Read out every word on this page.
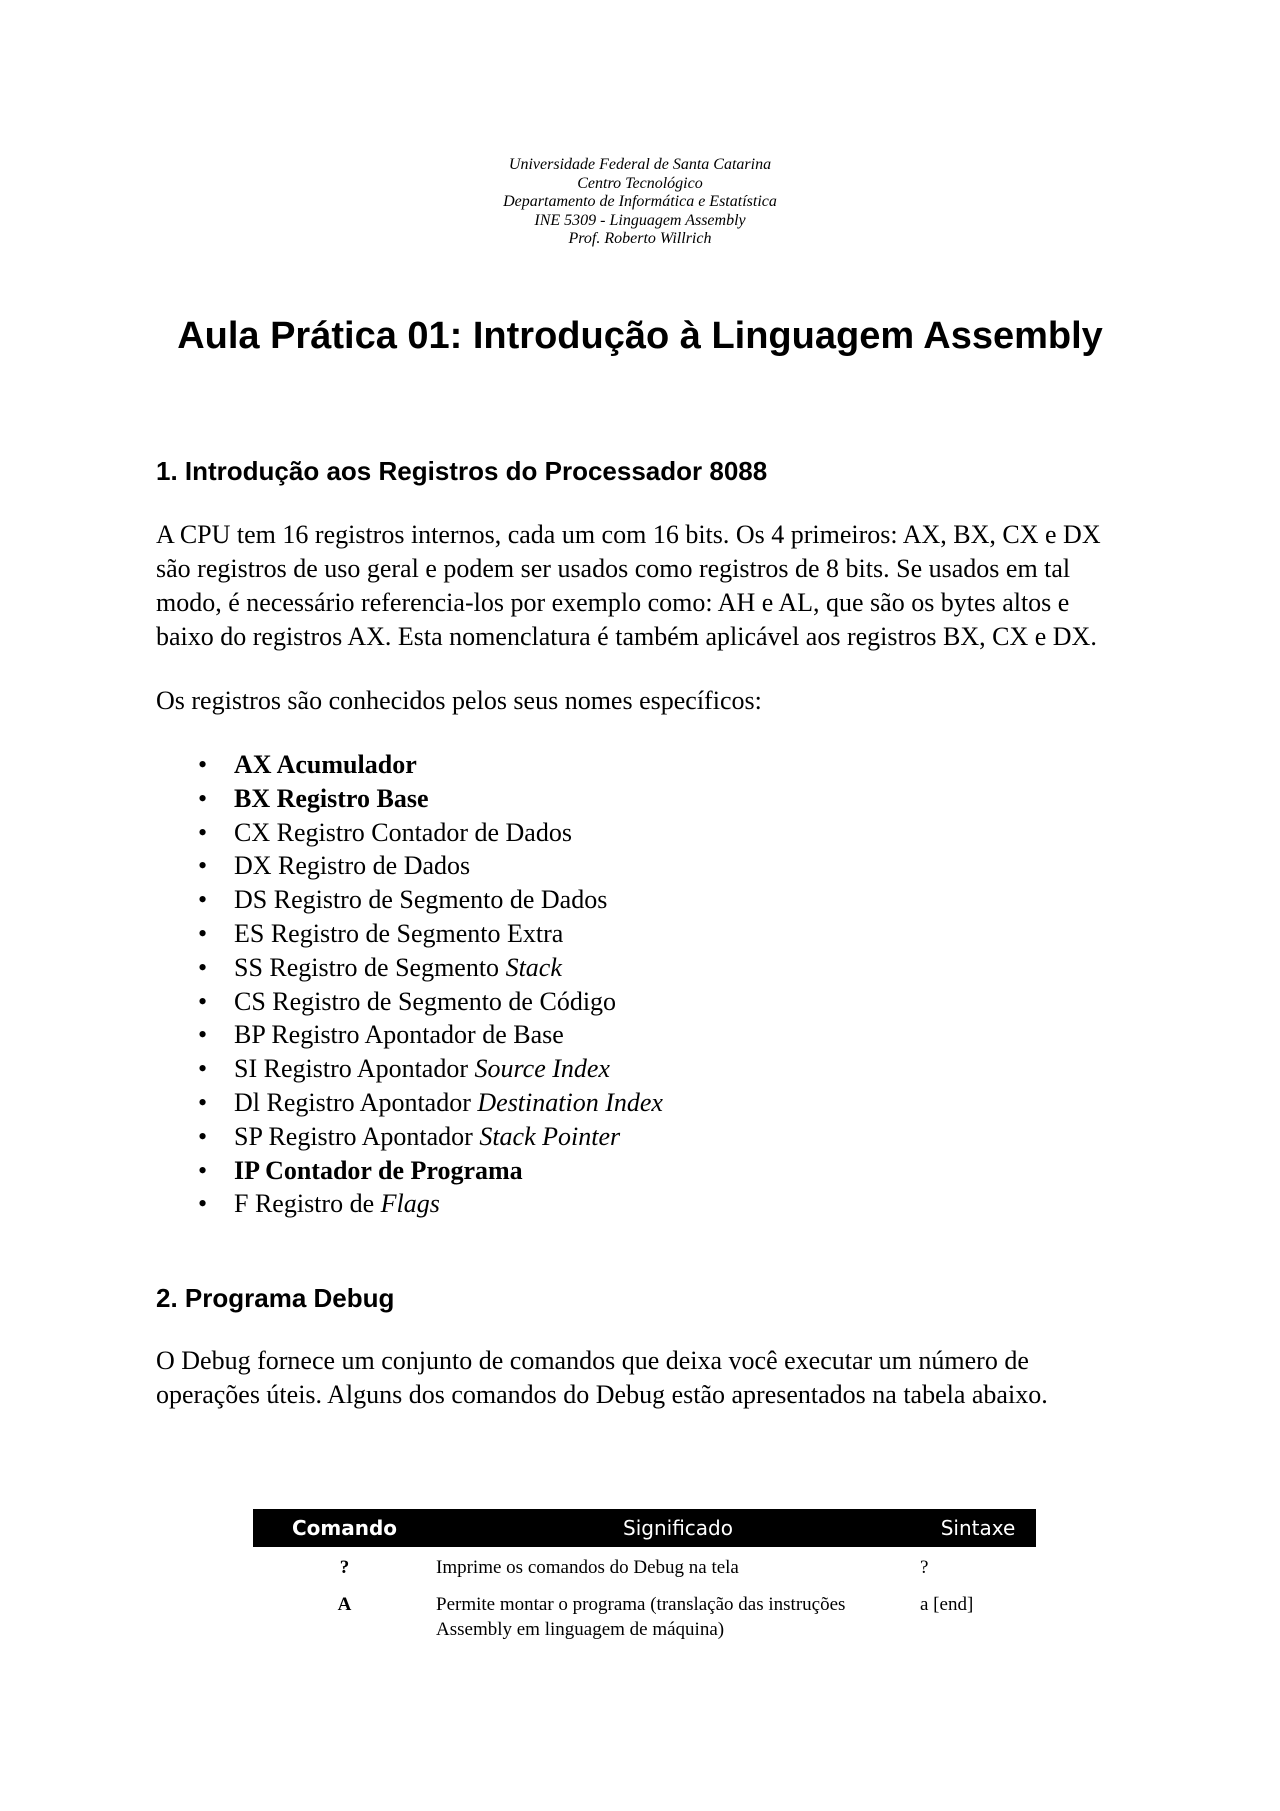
Universidade Federal de Santa Catarina
Centro Tecnológico
Departamento de Informática e Estatística
INE 5309 - Linguagem Assembly
Prof. Roberto Willrich
Aula Prática 01: Introdução à Linguagem Assembly
1. Introdução aos Registros do Processador 8088

A CPU tem 16 registros internos, cada um com 16 bits. Os 4 primeiros: AX, BX, CX e DX são registros de uso geral e podem ser usados como registros de 8 bits. Se usados em tal modo, é necessário referencia-los por exemplo como: AH e AL, que são os bytes altos e baixo do registros AX. Esta nomenclatura é também aplicável aos registros BX, CX e DX.

Os registros são conhecidos pelos seus nomes específicos:

• AX Acumulador
• BX Registro Base
• CX Registro Contador de Dados
• DX Registro de Dados
• DS Registro de Segmento de Dados
• ES Registro de Segmento Extra
• SS Registro de Segmento Stack
• CS Registro de Segmento de Código
• BP Registro Apontador de Base
• SI Registro Apontador Source Index
• Dl Registro Apontador Destination Index
• SP Registro Apontador Stack Pointer
• IP Contador de Programa
• F Registro de Flags
2. Programa Debug

O Debug fornece um conjunto de comandos que deixa você executar um número de operações úteis. Alguns dos comandos do Debug estão apresentados na tabela abaixo.

Comando	Significado	Sintaxe
?	Imprime os comandos do Debug na tela	?
A	Permite montar o programa (translação das instruções Assembly em linguagem de máquina)	a [end]
